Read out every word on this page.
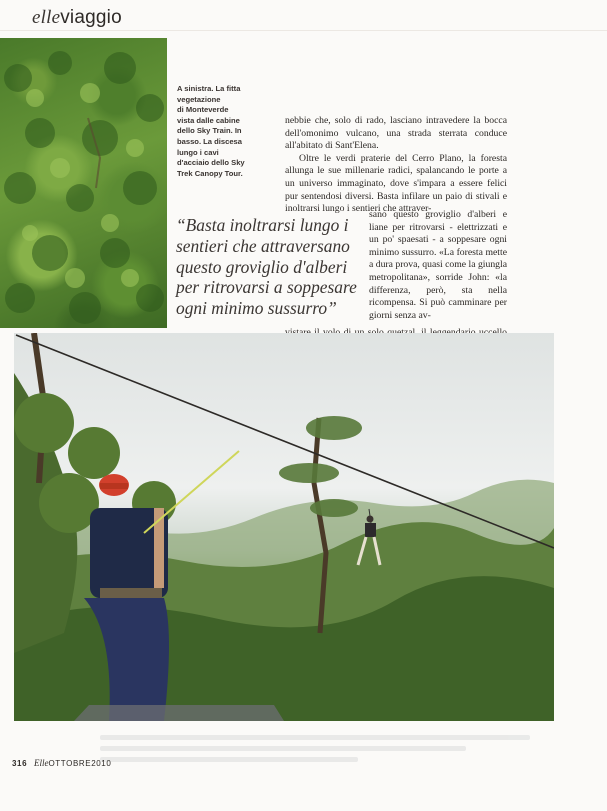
elleviaggio
A sinistra. La fitta
vegetazione
di Monteverde
vista dalle cabine
dello Sky Train. In
basso. La discesa
lungo i cavi
d'acciaio dello Sky
Trek Canopy Tour.

nebbie che, solo di rado, lasciano intravedere la bocca dell'omonimo vulcano, una strada sterrata conduce all'abitato di Sant'Elena.

Oltre le verdi praterie del Cerro Plano, la foresta allunga le sue millenarie radici, spalancando le porte a un universo immaginato, dove s'impara a essere felici pur sentendosi diversi. Basta infilare un paio di stivali e inoltrarsi lungo i sentieri che attraver-

sano questo groviglio d'alberi e liane per ritrovarsi - elettrizzati e un po' spaesati - a soppesare ogni minimo sussurro. «La foresta mette a dura prova, quasi come la giungla metropolitana», sorride John: «la differenza, però, sta nella ricompensa. Si può camminare per giorni senza av-

“Basta inoltrarsi lungo i sentieri che attraversano questo groviglio d'alberi per ritrovarsi a soppesare ogni minimo sussurro”

316 ElleOTTOBRE2010
